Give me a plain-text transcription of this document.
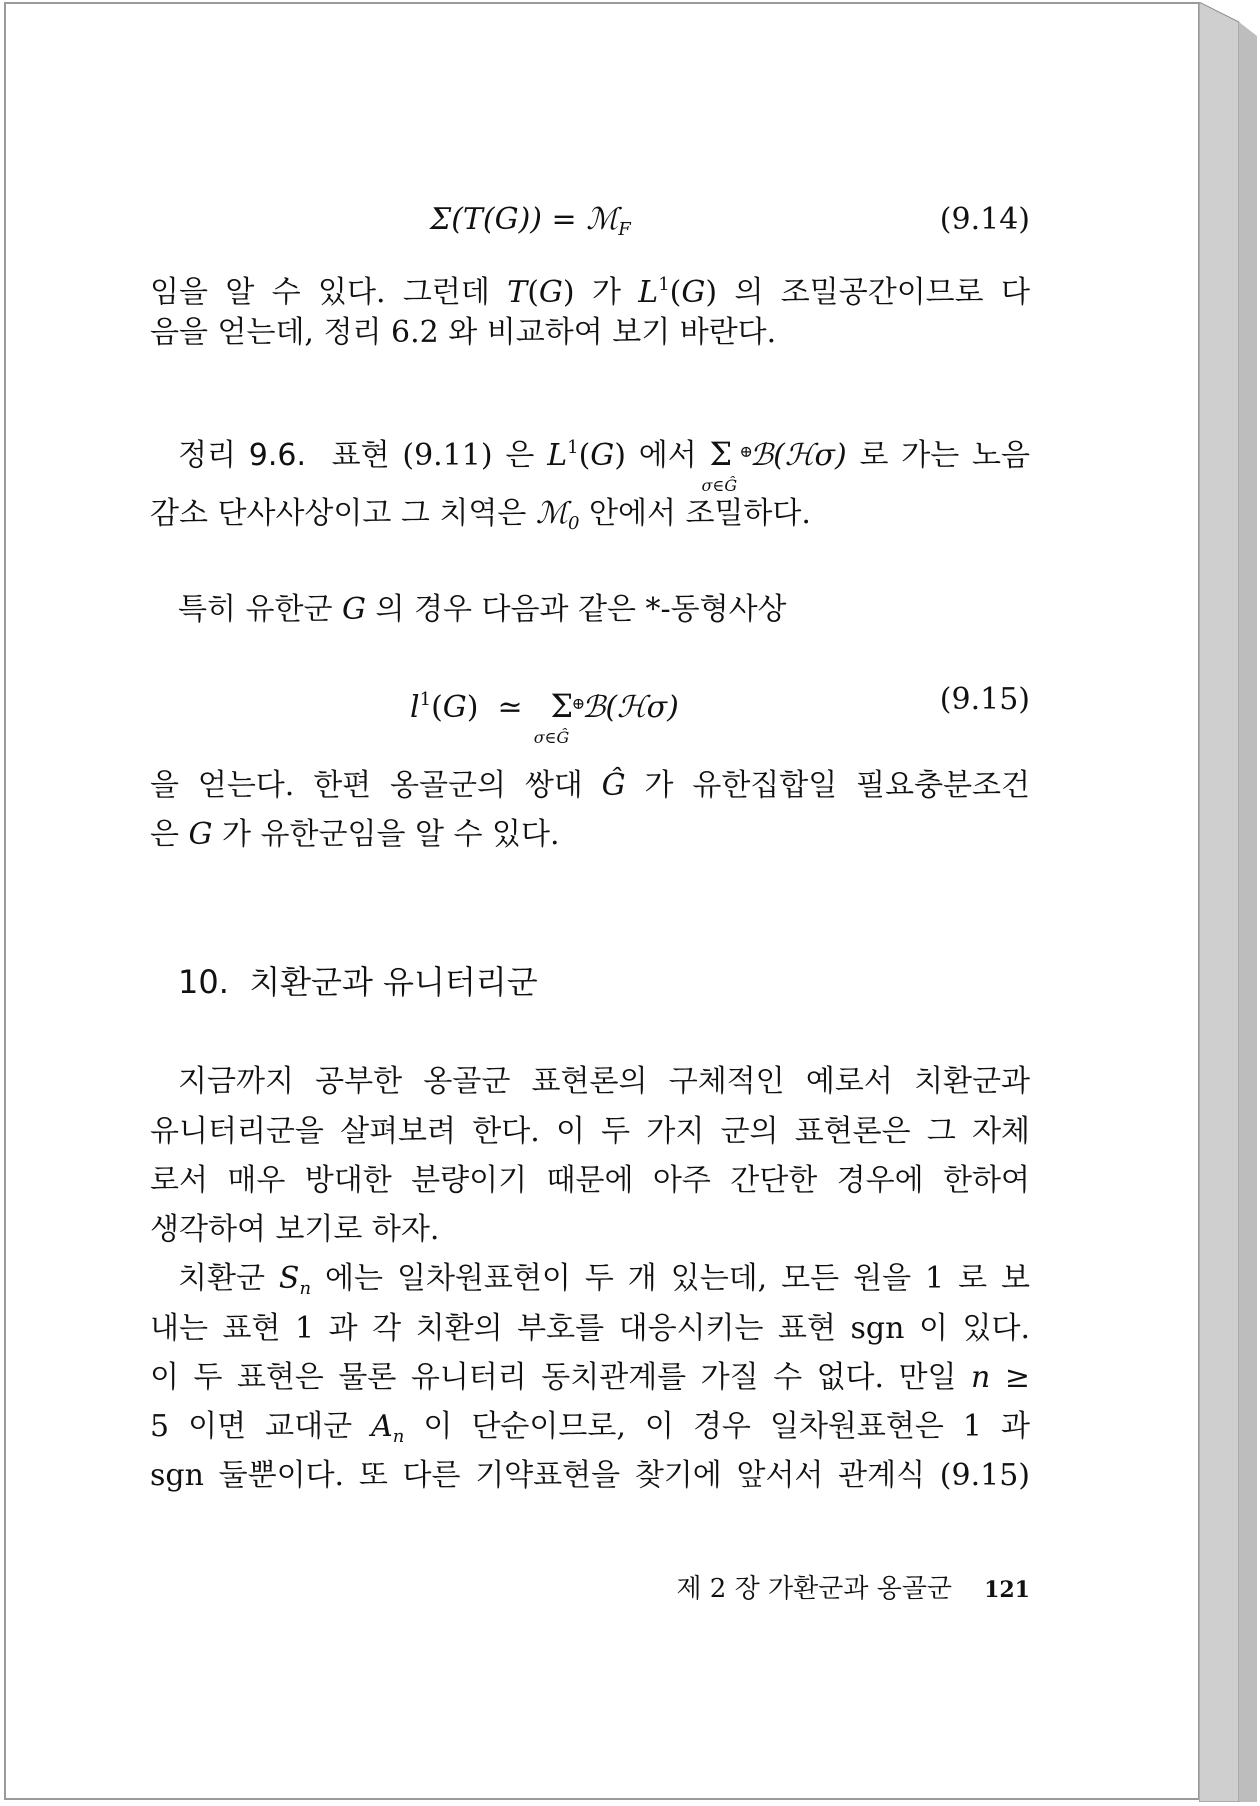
Σ(T(G)) = ℳ$_F$	(9.14)
임을 알 수 있다. 그런데 T(G) 가 $L^1(G)$ 의 조밀공간이므로 다
음을 얻는데, 정리 6.2 와 비교하여 보기 바란다.
정리 9.6. 표현 (9.11) 은 $L^1(G)$ 에서 Σ ⊕
σ∈Ĝ
ℬ(ℋσ) 로 가는 노음
감소 단사사상이고 그 치역은 ℳ$_0$ 안에서 조밀하다.
특히 유한군 G 의 경우 다음과 같은 *-동형사상
$l^1(G)$  ≃  Σ
⊕
σ∈Ĝ
ℬ(ℋσ)	(9.15)
을 얻는다. 한편 옹골군의 쌍대 Ĝ 가 유한집합일 필요충분조건
은 G 가 유한군임을 알 수 있다.
10. 치환군과 유니터리군
지금까지 공부한 옹골군 표현론의 구체적인 예로서 치환군과
유니터리군을 살펴보려 한다. 이 두 가지 군의 표현론은 그 자체
로서 매우 방대한 분량이기 때문에 아주 간단한 경우에 한하여
생각하여 보기로 하자.
치환군 $S_n$ 에는 일차원표현이 두 개 있는데, 모든 원을 1 로 보
내는 표현 1 과 각 치환의 부호를 대응시키는 표현 sgn 이 있다.
이 두 표현은 물론 유니터리 동치관계를 가질 수 없다. 만일 n ≥
5 이면 교대군 $A_n$ 이 단순이므로, 이 경우 일차원표현은 1 과
sgn 둘뿐이다. 또 다른 기약표현을 찾기에 앞서서 관계식 (9.15)
제 2 장 가환군과 옹골군 121
